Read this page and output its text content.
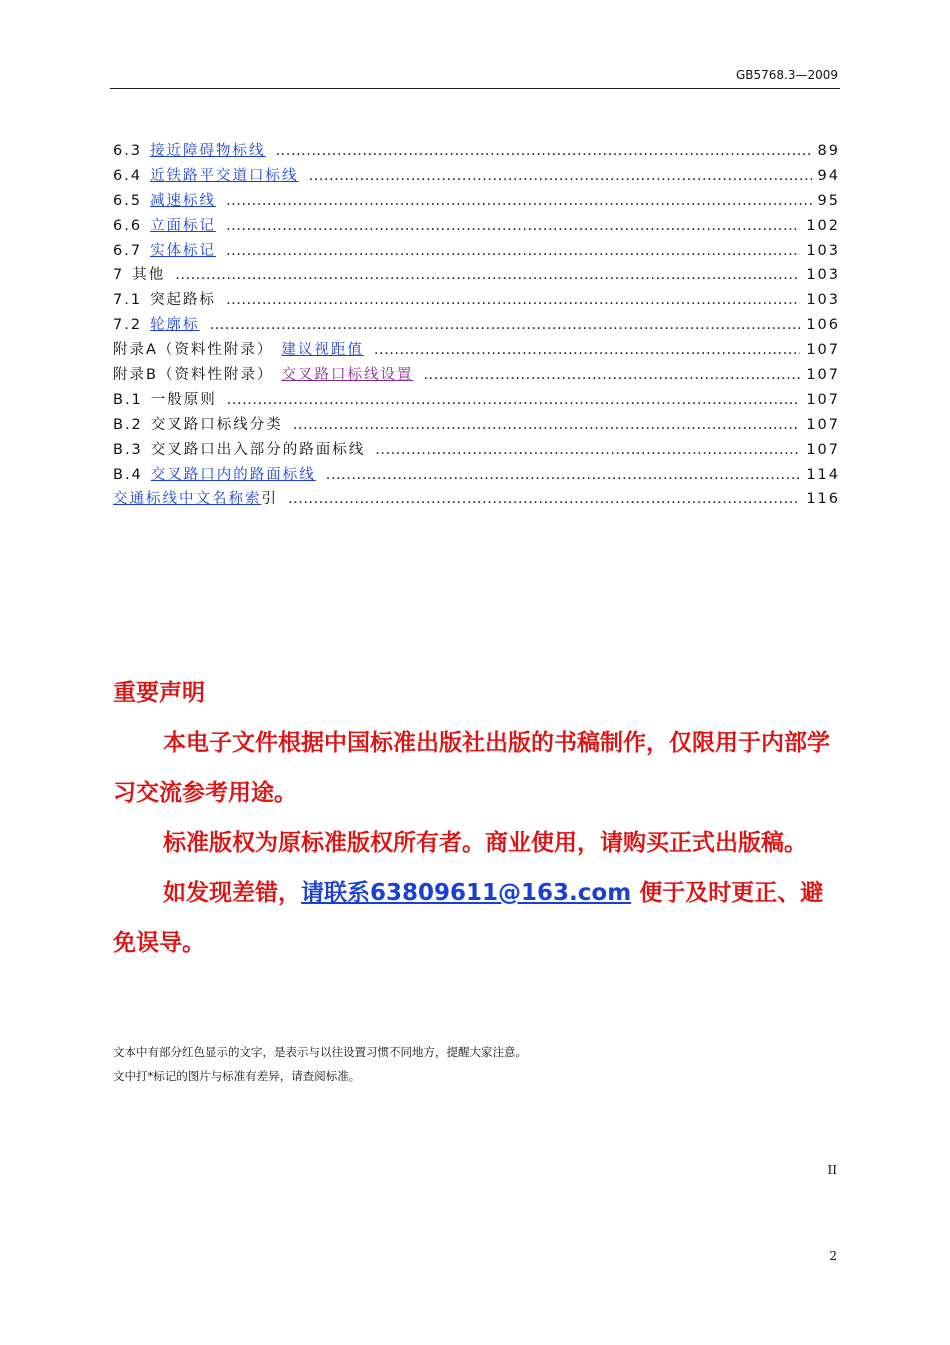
GB5768.3—2009
6.3 接近障碍物标线 .....	89
6.4 近铁路平交道口标线 .....	94
6.5 减速标线 .....	95
6.6 立面标记 .....	102
6.7 实体标记 .....	103
7 其他 .....	103
7.1 突起路标 .....	103
7.2 轮廓标 .....	106
附录A（资料性附录） 建议视距值 .....	107
附录B（资料性附录） 交叉路口标线设置 .....	107
B.1 一般原则 .....	107
B.2 交叉路口标线分类 .....	107
B.3 交叉路口出入部分的路面标线 .....	107
B.4 交叉路口内的路面标线 .....	114
交通标线中文名称索 引 .....	116

重要声明

本电子文件根据中国标准出版社出版的书稿制作，仅限用于内部学习交流参考用途。

标准版权为原标准版权所有者。商业使用，请购买正式出版稿。

如发现差错，请联系63809611@163.com 便于及时更正、避免误导。

文本中有部分红色显示的文字，是表示与以往设置习惯不同地方，提醒大家注意。
文中打*标记的图片与标准有差异，请查阅标准。
II
2
